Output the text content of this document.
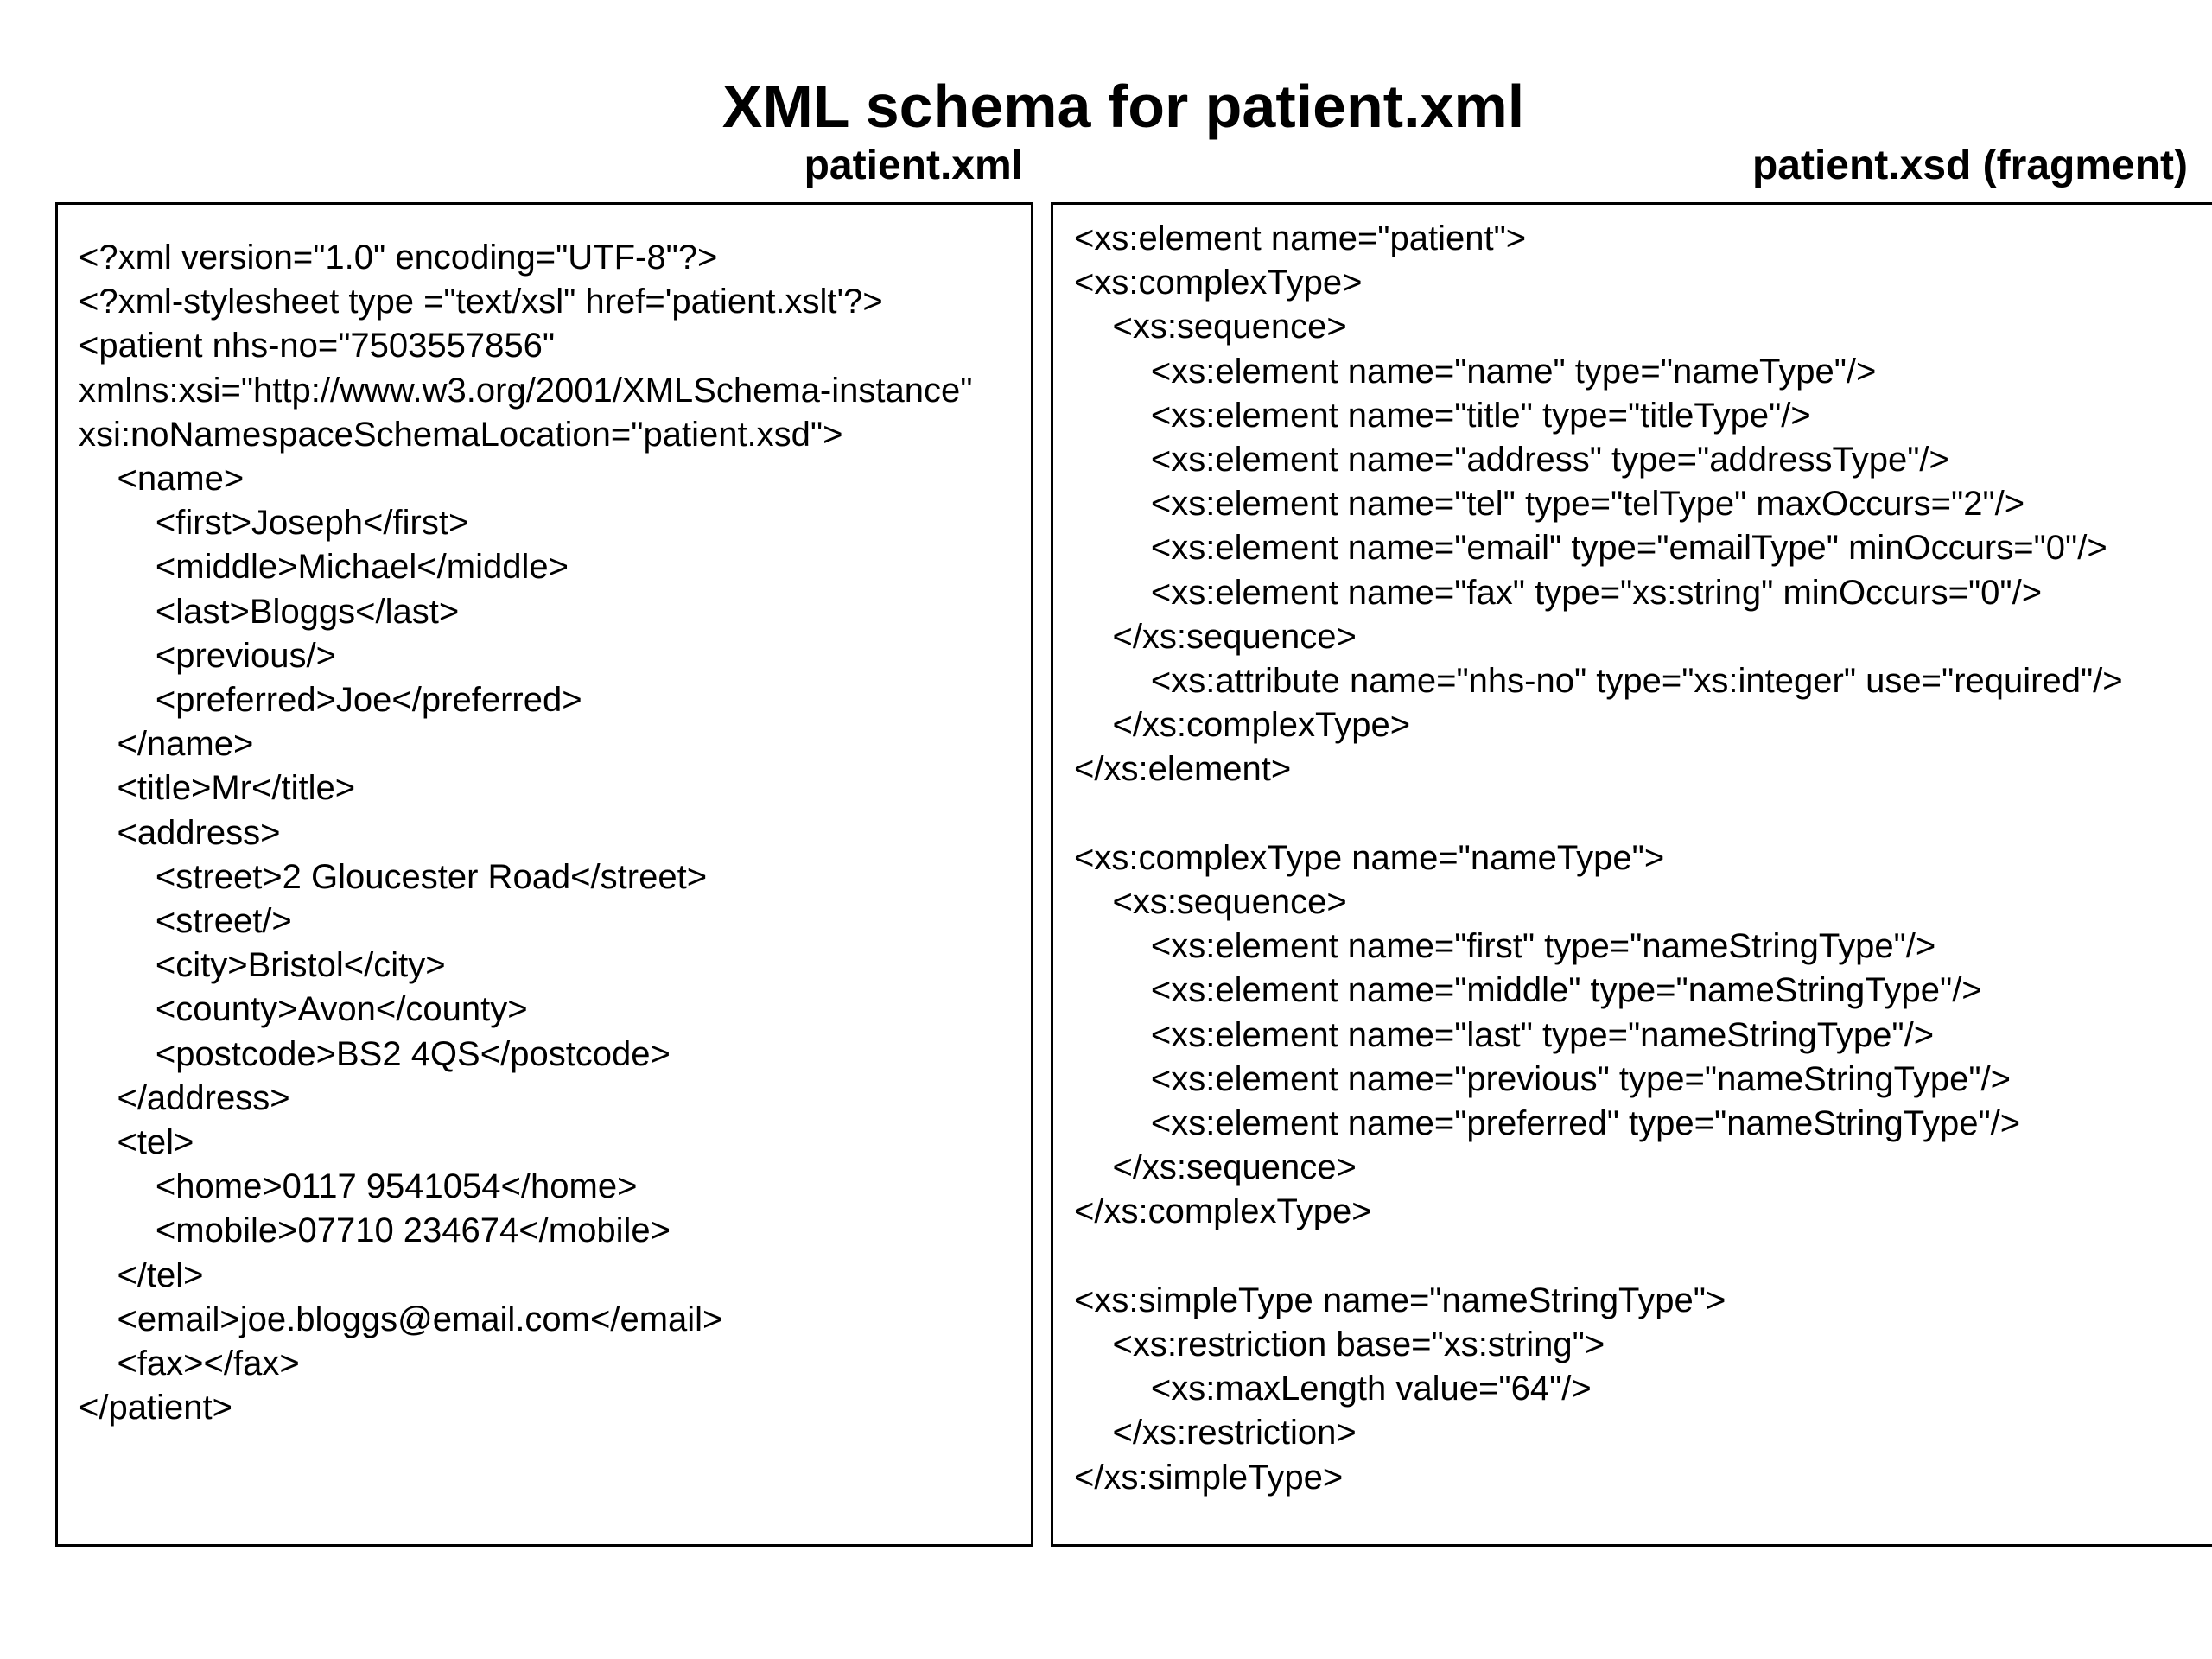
XML schema for patient.xml
patient.xml	patient.xsd (fragment)
<?xml version="1.0" encoding="UTF-8"?>
<?xml-stylesheet type ="text/xsl" href='patient.xslt'?>
<patient nhs-no="7503557856"
xmlns:xsi="http://www.w3.org/2001/XMLSchema-instance"
xsi:noNamespaceSchemaLocation="patient.xsd">
<name>
<first>Joseph</first>
<middle>Michael</middle>
<last>Bloggs</last>
<previous/>
<preferred>Joe</preferred>
</name>
<title>Mr</title>
<address>
<street>2 Gloucester Road</street>
<street/>
<city>Bristol</city>
<county>Avon</county>
<postcode>BS2 4QS</postcode>
</address>
<tel>
<home>0117 9541054</home>
<mobile>07710 234674</mobile>
</tel>
<email>joe.bloggs@email.com</email>
<fax></fax>
</patient>
<xs:element name="patient">
<xs:complexType>
<xs:sequence>
<xs:element name="name" type="nameType"/>
<xs:element name="title" type="titleType"/>
<xs:element name="address" type="addressType"/>
<xs:element name="tel" type="telType" maxOccurs="2"/>
<xs:element name="email" type="emailType" minOccurs="0"/>
<xs:element name="fax" type="xs:string" minOccurs="0"/>
</xs:sequence>
<xs:attribute name="nhs-no" type="xs:integer" use="required"/>
</xs:complexType>
</xs:element>

<xs:complexType name="nameType">
<xs:sequence>
<xs:element name="first" type="nameStringType"/>
<xs:element name="middle" type="nameStringType"/>
<xs:element name="last" type="nameStringType"/>
<xs:element name="previous" type="nameStringType"/>
<xs:element name="preferred" type="nameStringType"/>
</xs:sequence>
</xs:complexType>

<xs:simpleType name="nameStringType">
<xs:restriction base="xs:string">
<xs:maxLength value="64"/>
</xs:restriction>
</xs:simpleType>
